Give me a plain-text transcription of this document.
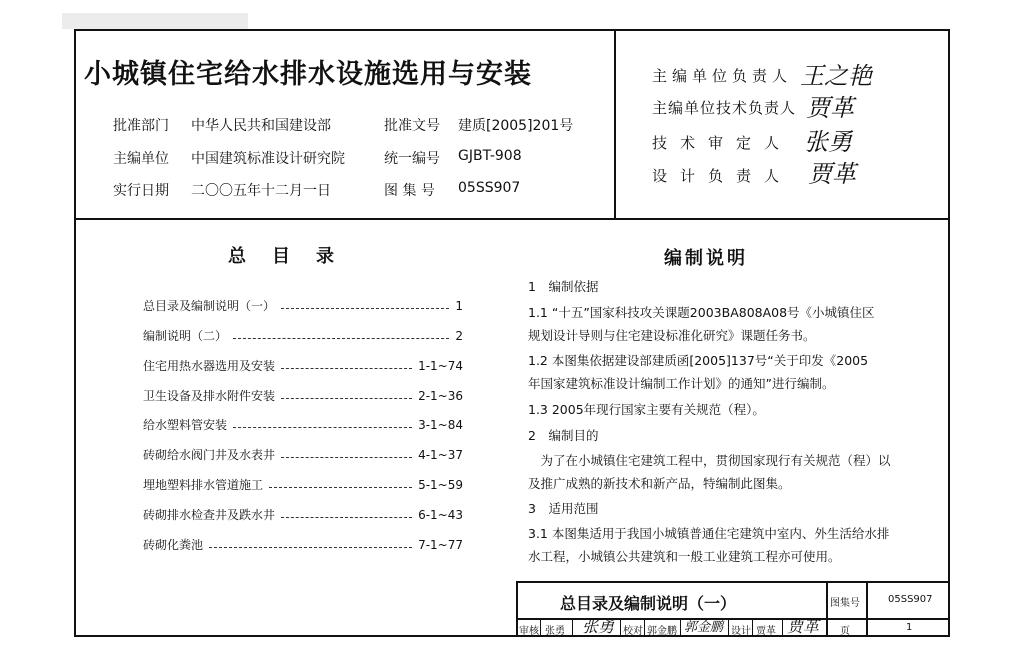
小城镇住宅给水排水设施选用与安装
批准部门 中华人民共和国建设部	批准文号 建质[2005]201号
主编单位 中国建筑标准设计研究院	统一编号 GJBT-908
实行日期 二〇〇五年十二月一日	图 集 号 05SS907
主编单位负责人 王之艳
主编单位技术负责人 贾革
技术审定人 张勇
设计负责人 贾革
总目录
总目录及编制说明（一）	1
编制说明（二）	2
住宅用热水器选用及安装	1-1~74
卫生设备及排水附件安装	2-1~36
给水塑料管安装	3-1~84
砖砌给水阀门井及水表井	4-1~37
埋地塑料排水管道施工	5-1~59
砖砌排水检查井及跌水井	6-1~43
砖砌化粪池	7-1~77
编制说明
1　编制依据
1.1 “十五”国家科技攻关课题2003BA808A08号《小城镇住区
规划设计导则与住宅建设标准化研究》课题任务书。
1.2 本图集依据建设部建质函[2005]137号“关于印发《2005
年国家建筑标准设计编制工作计划》的通知”进行编制。
1.3 2005年现行国家主要有关规范（程）。
2　编制目的
　为了在小城镇住宅建筑工程中，贯彻国家现行有关规范（程）以
及推广成熟的新技术和新产品，特编制此图集。
3　适用范围
3.1 本图集适用于我国小城镇普通住宅建筑中室内、外生活给水排
水工程，小城镇公共建筑和一般工业建筑工程亦可使用。
总目录及编制说明（一）	图集号	05SS907
审核 张勇 张勇 校对 郭金鹏 郭金鹏 设计 贾革 贾革 页	1
